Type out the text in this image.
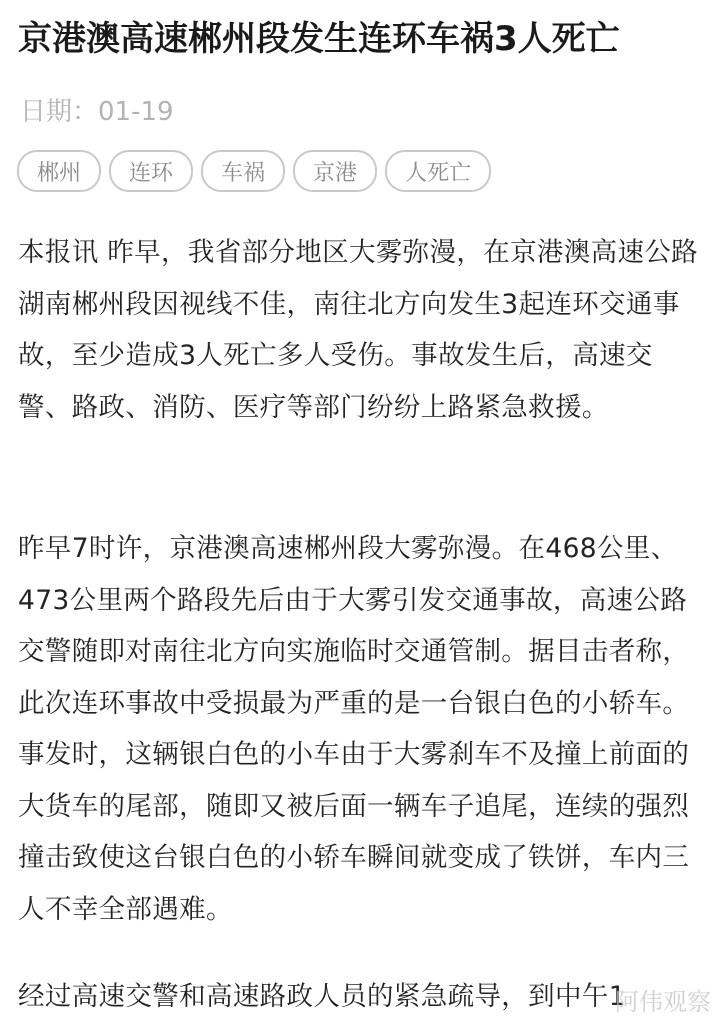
京港澳高速郴州段发生连环车祸3人死亡
日期：01-19
郴州	连环	车祸	京港	人死亡

本报讯 昨早，我省部分地区大雾弥漫，在京港澳高速公路湖南郴州段因视线不佳，南往北方向发生3起连环交通事故，至少造成3人死亡多人受伤。事故发生后，高速交警、路政、消防、医疗等部门纷纷上路紧急救援。

昨早7时许，京港澳高速郴州段大雾弥漫。在468公里、473公里两个路段先后由于大雾引发交通事故，高速公路交警随即对南往北方向实施临时交通管制。据目击者称，此次连环事故中受损最为严重的是一台银白色的小轿车。事发时，这辆银白色的小车由于大雾刹车不及撞上前面的大货车的尾部，随即又被后面一辆车子追尾，连续的强烈撞击致使这台银白色的小轿车瞬间就变成了铁饼，车内三人不幸全部遇难。

经过高速交警和高速路政人员的紧急疏导，到中午1

阿伟观察
